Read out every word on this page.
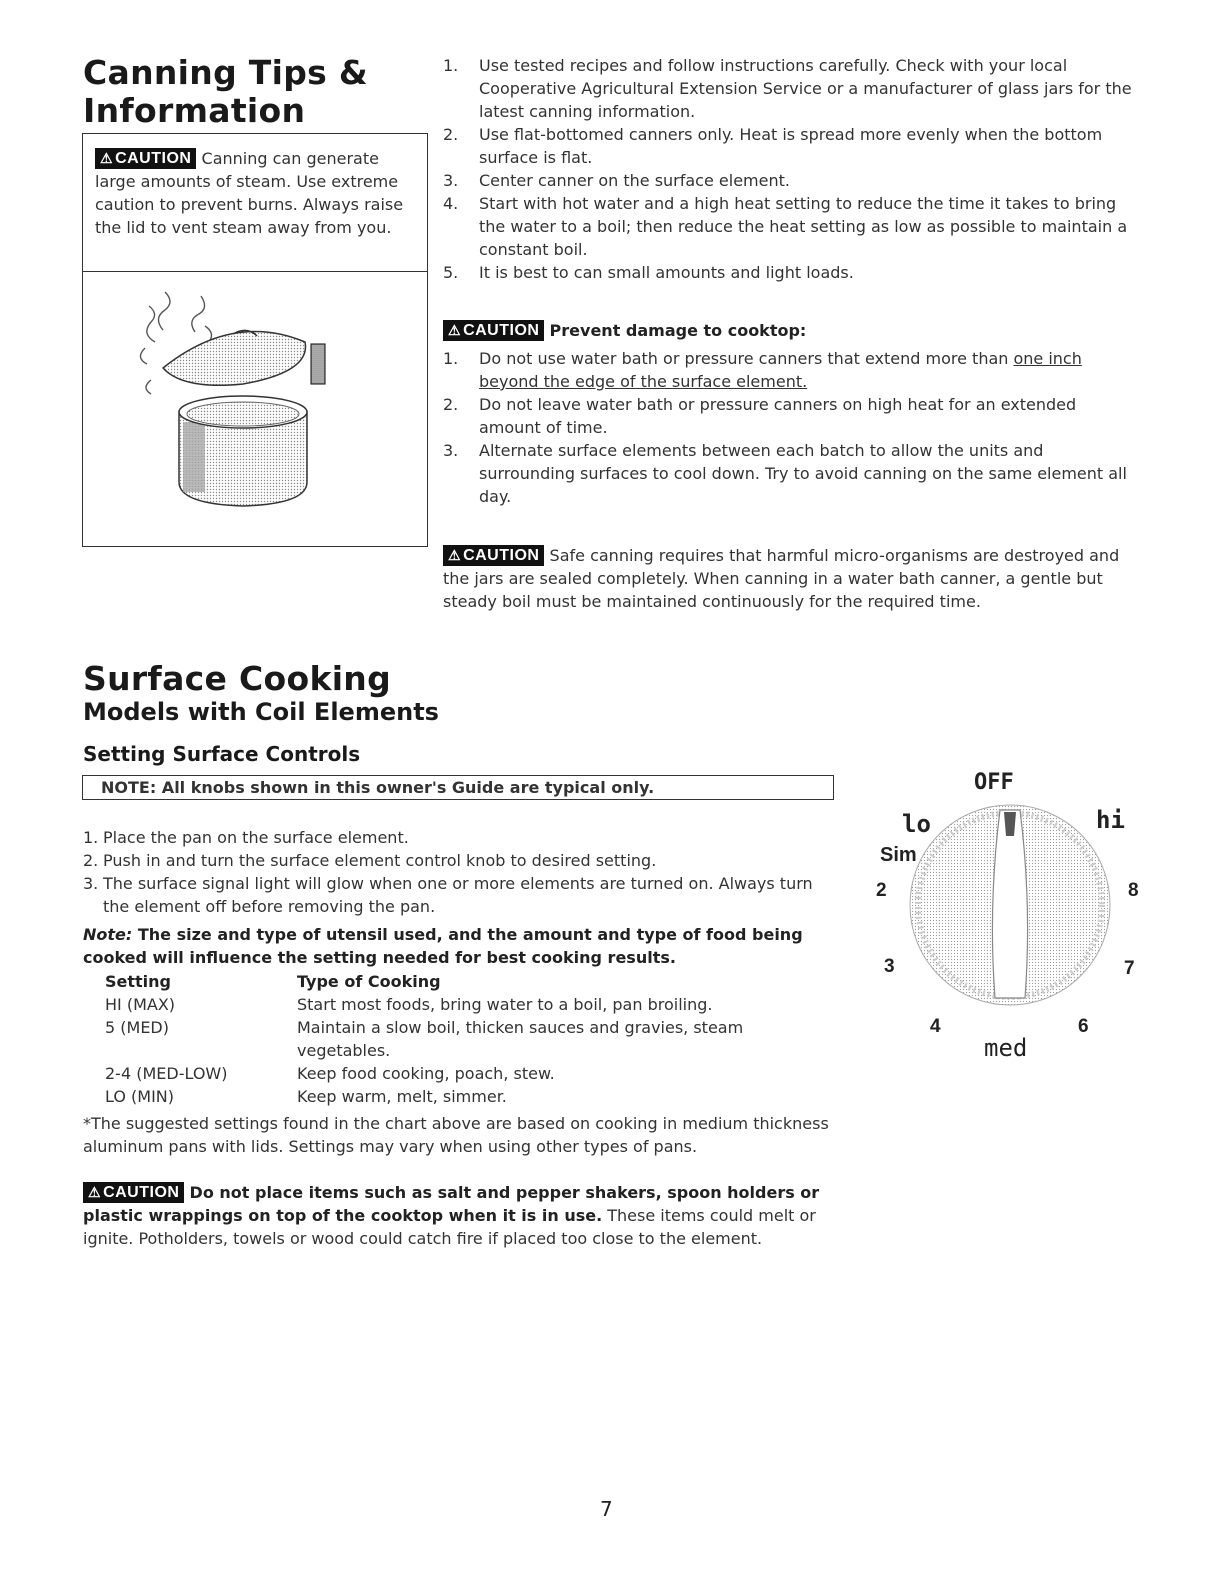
Canning Tips &
Information
⚠ CAUTION Canning can generate large amounts of steam. Use extreme caution to prevent burns. Always raise the lid to vent steam away from you.
1. Use tested recipes and follow instructions carefully. Check with your local Cooperative Agricultural Extension Service or a manufacturer of glass jars for the latest canning information.
2. Use flat-bottomed canners only. Heat is spread more evenly when the bottom surface is flat.
3. Center canner on the surface element.
4. Start with hot water and a high heat setting to reduce the time it takes to bring the water to a boil; then reduce the heat setting as low as possible to maintain a constant boil.
5. It is best to can small amounts and light loads.
⚠ CAUTION Prevent damage to cooktop:
1. Do not use water bath or pressure canners that extend more than one inch beyond the edge of the surface element.
2. Do not leave water bath or pressure canners on high heat for an extended amount of time.
3. Alternate surface elements between each batch to allow the units and surrounding surfaces to cool down. Try to avoid canning on the same element all day.
⚠ CAUTION Safe canning requires that harmful micro-organisms are destroyed and the jars are sealed completely. When canning in a water bath canner, a gentle but steady boil must be maintained continuously for the required time.
Surface Cooking
Models with Coil Elements
Setting Surface Controls
NOTE: All knobs shown in this owner's Guide are typical only.
1. Place the pan on the surface element.
2. Push in and turn the surface element control knob to desired setting.
3. The surface signal light will glow when one or more elements are turned on. Always turn the element off before removing the pan.
Note: The size and type of utensil used, and the amount and type of food being cooked will influence the setting needed for best cooking results.
Setting	Type of Cooking
HI (MAX)	Start most foods, bring water to a boil, pan broiling.
5 (MED)	Maintain a slow boil, thicken sauces and gravies, steam vegetables.
2-4 (MED-LOW)	Keep food cooking, poach, stew.
LO (MIN)	Keep warm, melt, simmer.
*The suggested settings found in the chart above are based on cooking in medium thickness aluminum pans with lids. Settings may vary when using other types of pans.
⚠ CAUTION Do not place items such as salt and pepper shakers, spoon holders or plastic wrappings on top of the cooktop when it is in use. These items could melt or ignite. Potholders, towels or wood could catch fire if placed too close to the element.
OFF
lo	hi
Sim
2	8
3	7
4	6
med
7
